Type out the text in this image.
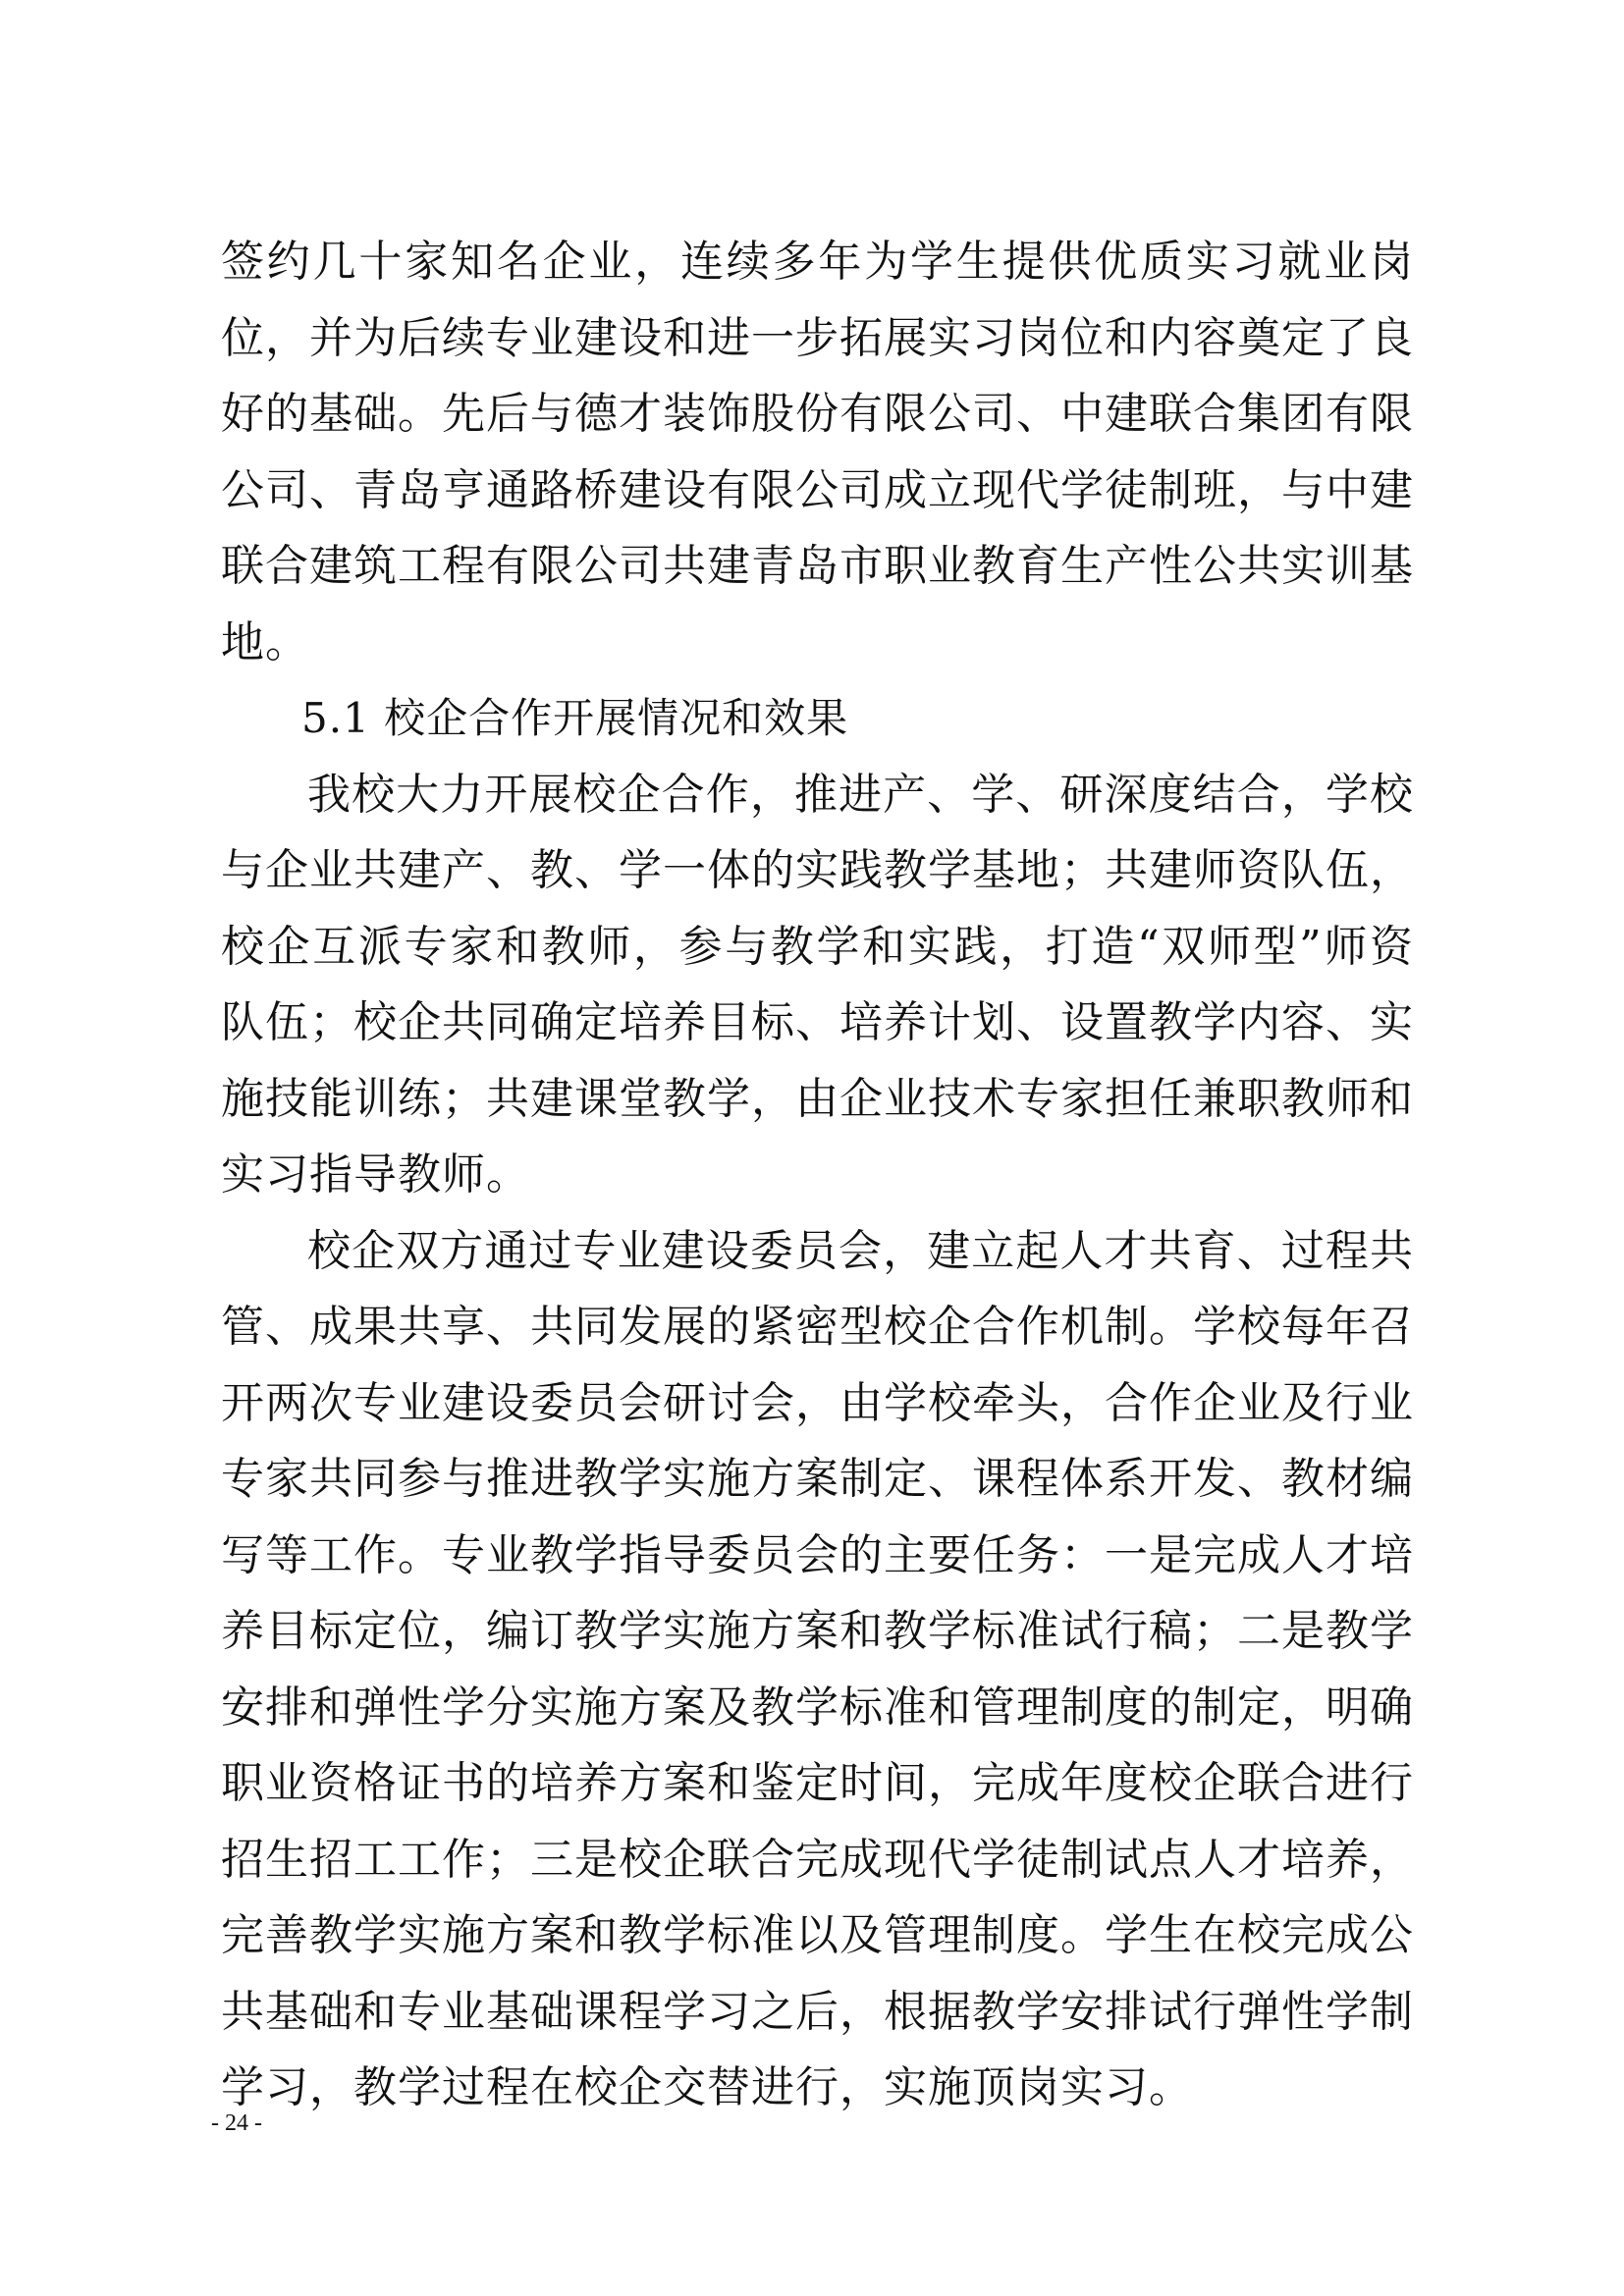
签约几十家知名企业，连续多年为学生提供优质实习就业岗位，并为后续专业建设和进一步拓展实习岗位和内容奠定了良好的基础。先后与德才装饰股份有限公司、中建联合集团有限公司、青岛亨通路桥建设有限公司成立现代学徒制班，与中建联合建筑工程有限公司共建青岛市职业教育生产性公共实训基地。

5.1 校企合作开展情况和效果

我校大力开展校企合作，推进产、学、研深度结合，学校与企业共建产、教、学一体的实践教学基地；共建师资队伍，校企互派专家和教师，参与教学和实践，打造“双师型”师资队伍；校企共同确定培养目标、培养计划、设置教学内容、实施技能训练；共建课堂教学，由企业技术专家担任兼职教师和实习指导教师。

校企双方通过专业建设委员会，建立起人才共育、过程共管、成果共享、共同发展的紧密型校企合作机制。学校每年召开两次专业建设委员会研讨会，由学校牵头，合作企业及行业专家共同参与推进教学实施方案制定、课程体系开发、教材编写等工作。专业教学指导委员会的主要任务：一是完成人才培养目标定位，编订教学实施方案和教学标准试行稿；二是教学安排和弹性学分实施方案及教学标准和管理制度的制定，明确职业资格证书的培养方案和鉴定时间，完成年度校企联合进行招生招工工作；三是校企联合完成现代学徒制试点人才培养，完善教学实施方案和教学标准以及管理制度。学生在校完成公共基础和专业基础课程学习之后，根据教学安排试行弹性学制学习，教学过程在校企交替进行，实施顶岗实习。

- 24 -
